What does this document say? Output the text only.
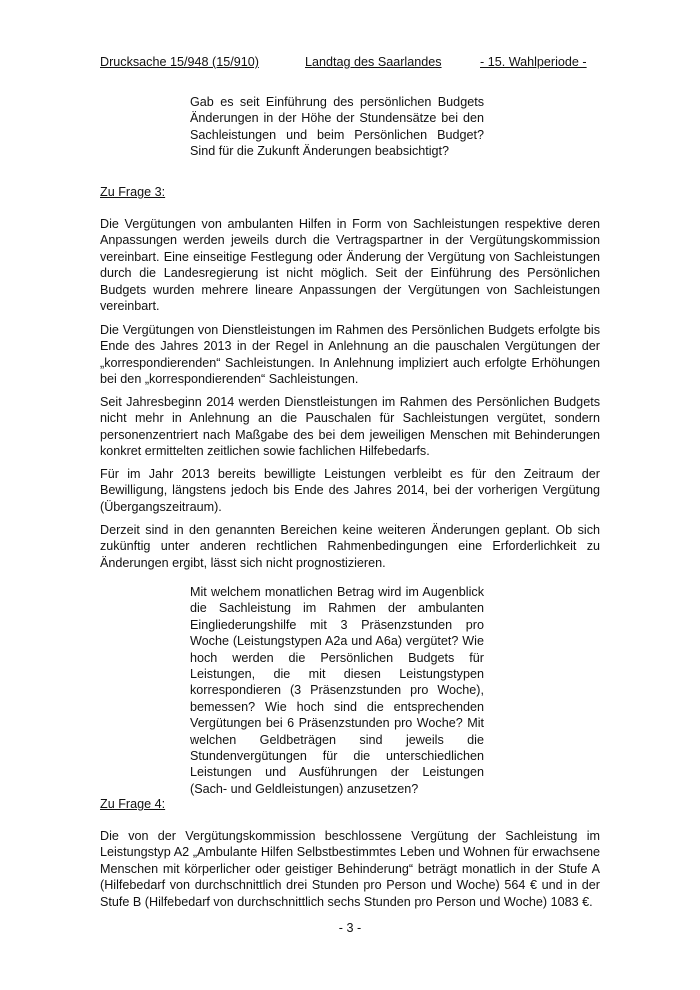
Drucksache 15/948 (15/910)	Landtag des Saarlandes	- 15. Wahlperiode -
Gab es seit Einführung des persönlichen Budgets Änderungen in der Höhe der Stundensätze bei den Sachleistungen und beim Persönlichen Budget? Sind für die Zukunft Änderungen beabsichtigt?
Zu Frage 3:
Die Vergütungen von ambulanten Hilfen in Form von Sachleistungen respektive deren Anpassungen werden jeweils durch die Vertragspartner in der Vergütungskommission vereinbart. Eine einseitige Festlegung oder Änderung der Vergütung von Sachleistungen durch die Landesregierung ist nicht möglich. Seit der Einführung des Persönlichen Budgets wurden mehrere lineare Anpassungen der Vergütungen von Sachleistungen vereinbart.
Die Vergütungen von Dienstleistungen im Rahmen des Persönlichen Budgets erfolgte bis Ende des Jahres 2013 in der Regel in Anlehnung an die pauschalen Vergütungen der „korrespondierenden“ Sachleistungen. In Anlehnung impliziert auch erfolgte Erhöhungen bei den „korrespondierenden“ Sachleistungen.
Seit Jahresbeginn 2014 werden Dienstleistungen im Rahmen des Persönlichen Budgets nicht mehr in Anlehnung an die Pauschalen für Sachleistungen vergütet, sondern personenzentriert nach Maßgabe des bei dem jeweiligen Menschen mit Behinderungen konkret ermittelten zeitlichen sowie fachlichen Hilfebedarfs.
Für im Jahr 2013 bereits bewilligte Leistungen verbleibt es für den Zeitraum der Bewilligung, längstens jedoch bis Ende des Jahres 2014, bei der vorherigen Vergütung (Übergangszeitraum).
Derzeit sind in den genannten Bereichen keine weiteren Änderungen geplant. Ob sich zukünftig unter anderen rechtlichen Rahmenbedingungen eine Erforderlichkeit zu Änderungen ergibt, lässt sich nicht prognostizieren.
Mit welchem monatlichen Betrag wird im Augenblick die Sachleistung im Rahmen der ambulanten Eingliederungshilfe mit 3 Präsenzstunden pro Woche (Leistungstypen A2a und A6a) vergütet? Wie hoch werden die Persönlichen Budgets für Leistungen, die mit diesen Leistungstypen korrespondieren (3 Präsenzstunden pro Woche), bemessen? Wie hoch sind die entsprechenden Vergütungen bei 6 Präsenzstunden pro Woche? Mit welchen Geldbeträgen sind jeweils die Stundenvergütungen für die unterschiedlichen Leistungen und Ausführungen der Leistungen (Sach- und Geldleistungen) anzusetzen?
Zu Frage 4:
Die von der Vergütungskommission beschlossene Vergütung der Sachleistung im Leistungstyp A2 „Ambulante Hilfen Selbstbestimmtes Leben und Wohnen für erwachsene Menschen mit körperlicher oder geistiger Behinderung“ beträgt monatlich in der Stufe A (Hilfebedarf von durchschnittlich drei Stunden pro Person und Woche) 564 € und in der Stufe B (Hilfebedarf von durchschnittlich sechs Stunden pro Person und Woche) 1083 €.
- 3 -
